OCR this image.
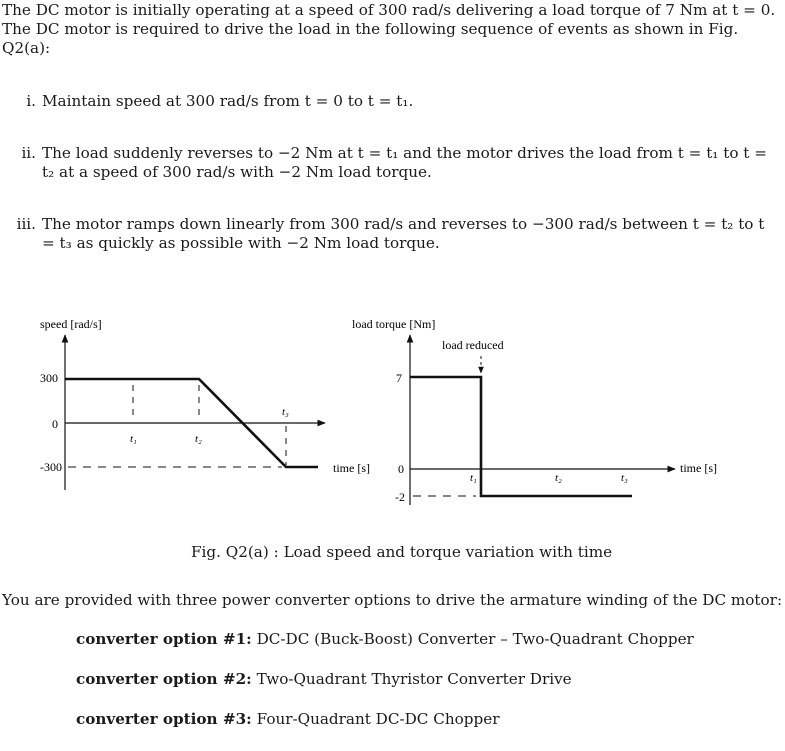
The DC motor is initially operating at a speed of 300 rad/s delivering a load torque of 7 Nm at t = 0. The DC motor is required to drive the load in the following sequence of events as shown in Fig. Q2(a):
i. Maintain speed at 300 rad/s from t = 0 to t = t₁.
ii. The load suddenly reverses to −2 Nm at t = t₁ and the motor drives the load from t = t₁ to t = t₂ at a speed of 300 rad/s with −2 Nm load torque.
iii. The motor ramps down linearly from 300 rad/s and reverses to −300 rad/s between t = t₂ to t = t₃ as quickly as possible with −2 Nm load torque.
speed [rad/s]
300
0
-300
t₁	t₂
t₃
time [s]
load torque [Nm]
load reduced
7
0
-2
t₁	t₂	t₃
time [s]
Fig. Q2(a) : Load speed and torque variation with time
You are provided with three power converter options to drive the armature winding of the DC motor:
converter option #1: DC-DC (Buck-Boost) Converter – Two-Quadrant Chopper
converter option #2: Two-Quadrant Thyristor Converter Drive
converter option #3: Four-Quadrant DC-DC Chopper
